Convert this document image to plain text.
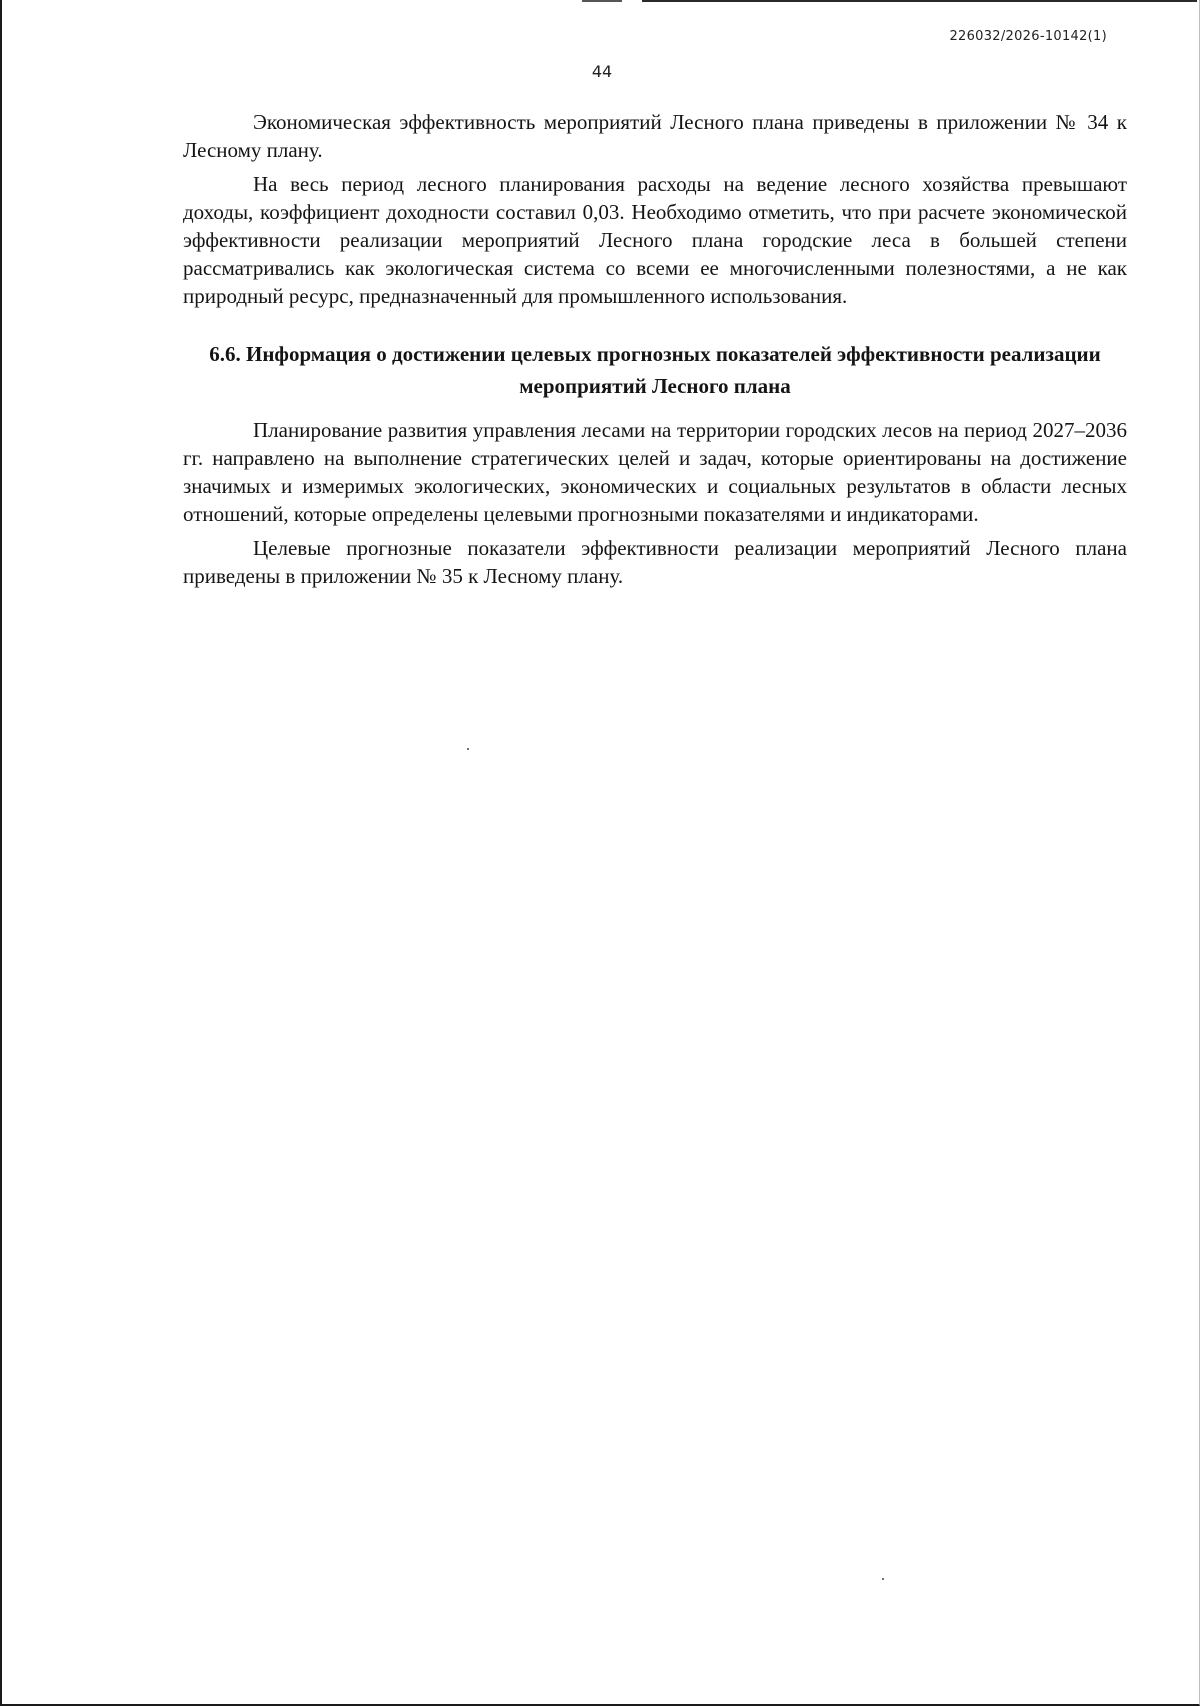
226032/2026-10142(1)
44

Экономическая эффективность мероприятий Лесного плана приведены в приложении № 34 к Лесному плану.

На весь период лесного планирования расходы на ведение лесного хозяйства превышают доходы, коэффициент доходности составил 0,03. Необходимо отметить, что при расчете экономической эффективности реализации мероприятий Лесного плана городские леса в большей степени рассматривались как экологическая система со всеми ее многочисленными полезностями, а не как природный ресурс, предназначенный для промышленного использования.

6.6. Информация о достижении целевых прогнозных показателей эффективности реализации мероприятий Лесного плана

Планирование развития управления лесами на территории городских лесов на период 2027–2036 гг. направлено на выполнение стратегических целей и задач, которые ориентированы на достижение значимых и измеримых экологических, экономических и социальных результатов в области лесных отношений, которые определены целевыми прогнозными показателями и индикаторами.

Целевые прогнозные показатели эффективности реализации мероприятий Лесного плана приведены в приложении № 35 к Лесному плану.
